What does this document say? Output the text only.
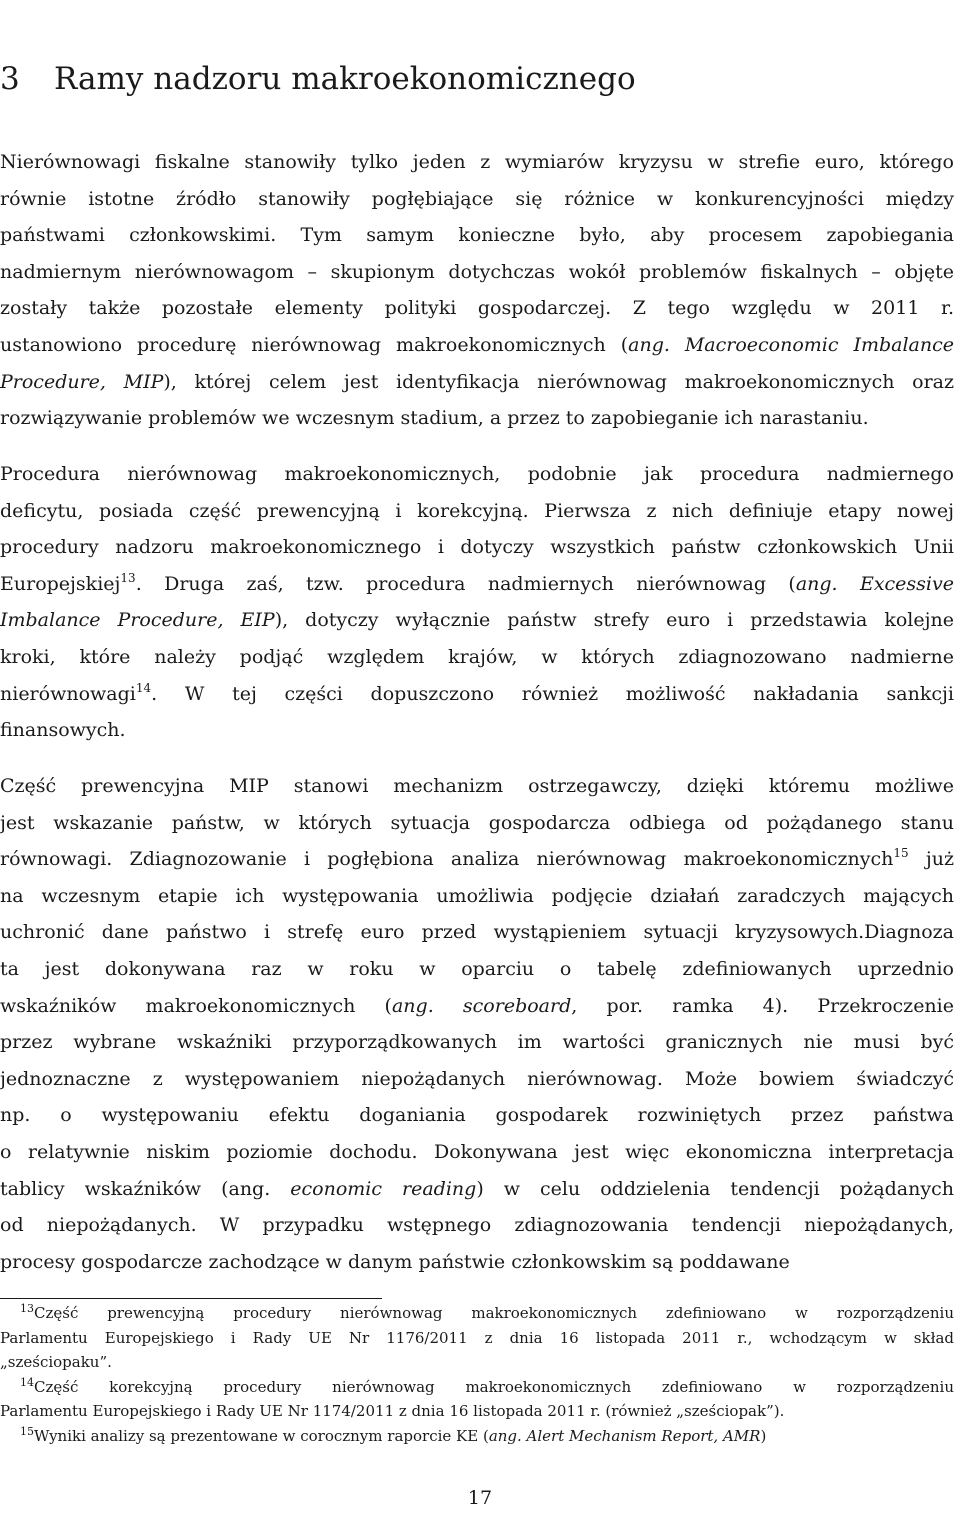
3 Ramy nadzoru makroekonomicznego

Nierównowagi fiskalne stanowiły tylko jeden z wymiarów kryzysu w strefie euro, którego
równie istotne źródło stanowiły pogłębiające się różnice w konkurencyjności między
państwami członkowskimi. Tym samym konieczne było, aby procesem zapobiegania
nadmiernym nierównowagom – skupionym dotychczas wokół problemów fiskalnych – objęte
zostały także pozostałe elementy polityki gospodarczej. Z tego względu w 2011 r.
ustanowiono procedurę nierównowag makroekonomicznych (ang. Macroeconomic Imbalance
Procedure, MIP), której celem jest identyfikacja nierównowag makroekonomicznych oraz
rozwiązywanie problemów we wczesnym stadium, a przez to zapobieganie ich narastaniu.

Procedura nierównowag makroekonomicznych, podobnie jak procedura nadmiernego
deficytu, posiada część prewencyjną i korekcyjną. Pierwsza z nich definiuje etapy nowej
procedury nadzoru makroekonomicznego i dotyczy wszystkich państw członkowskich Unii
Europejskiej$^{13}$. Druga zaś, tzw. procedura nadmiernych nierównowag (ang. Excessive
Imbalance Procedure, EIP), dotyczy wyłącznie państw strefy euro i przedstawia kolejne
kroki, które należy podjąć względem krajów, w których zdiagnozowano nadmierne
nierównowagi$^{14}$. W tej części dopuszczono również możliwość nakładania sankcji
finansowych.

Część prewencyjna MIP stanowi mechanizm ostrzegawczy, dzięki któremu możliwe
jest wskazanie państw, w których sytuacja gospodarcza odbiega od pożądanego stanu
równowagi. Zdiagnozowanie i pogłębiona analiza nierównowag makroekonomicznych$^{15}$ już
na wczesnym etapie ich występowania umożliwia podjęcie działań zaradczych mających
uchronić dane państwo i strefę euro przed wystąpieniem sytuacji kryzysowych.Diagnoza
ta jest dokonywana raz w roku w oparciu o tabelę zdefiniowanych uprzednio
wskaźników makroekonomicznych (ang. scoreboard, por. ramka 4). Przekroczenie
przez wybrane wskaźniki przyporządkowanych im wartości granicznych nie musi być
jednoznaczne z występowaniem niepożądanych nierównowag. Może bowiem świadczyć
np. o występowaniu efektu doganiania gospodarek rozwiniętych przez państwa
o relatywnie niskim poziomie dochodu. Dokonywana jest więc ekonomiczna interpretacja
tablicy wskaźników (ang. economic reading) w celu oddzielenia tendencji pożądanych
od niepożądanych. W przypadku wstępnego zdiagnozowania tendencji niepożądanych,
procesy gospodarcze zachodzące w danym państwie członkowskim są poddawane

$^{13}$Część prewencyjną procedury nierównowag makroekonomicznych zdefiniowano w rozporządzeniu
Parlamentu Europejskiego i Rady UE Nr 1176/2011 z dnia 16 listopada 2011 r., wchodzącym w skład
„sześciopaku”.
$^{14}$Część korekcyjną procedury nierównowag makroekonomicznych zdefiniowano w rozporządzeniu
Parlamentu Europejskiego i Rady UE Nr 1174/2011 z dnia 16 listopada 2011 r. (również „sześciopak”).
$^{15}$Wyniki analizy są prezentowane w corocznym raporcie KE (ang. Alert Mechanism Report, AMR)
17
